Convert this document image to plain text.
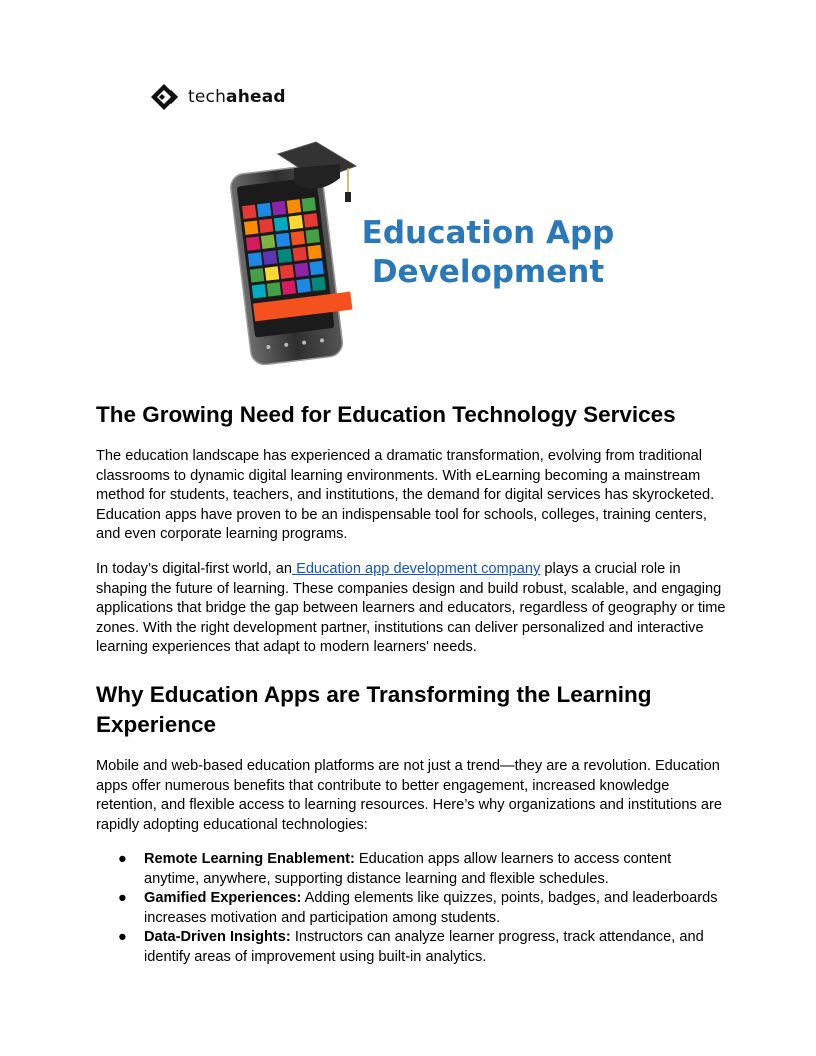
techahead
Education App
Development
The Growing Need for Education Technology Services

The education landscape has experienced a dramatic transformation, evolving from traditional classrooms to dynamic digital learning environments. With eLearning becoming a mainstream method for students, teachers, and institutions, the demand for digital services has skyrocketed. Education apps have proven to be an indispensable tool for schools, colleges, training centers, and even corporate learning programs.

In today’s digital-first world, an Education app development company plays a crucial role in shaping the future of learning. These companies design and build robust, scalable, and engaging applications that bridge the gap between learners and educators, regardless of geography or time zones. With the right development partner, institutions can deliver personalized and interactive learning experiences that adapt to modern learners' needs.

Why Education Apps are Transforming the Learning Experience

Mobile and web-based education platforms are not just a trend—they are a revolution. Education apps offer numerous benefits that contribute to better engagement, increased knowledge retention, and flexible access to learning resources. Here’s why organizations and institutions are rapidly adopting educational technologies:

● Remote Learning Enablement: Education apps allow learners to access content anytime, anywhere, supporting distance learning and flexible schedules.
● Gamified Experiences: Adding elements like quizzes, points, badges, and leaderboards increases motivation and participation among students.
● Data-Driven Insights: Instructors can analyze learner progress, track attendance, and identify areas of improvement using built-in analytics.
